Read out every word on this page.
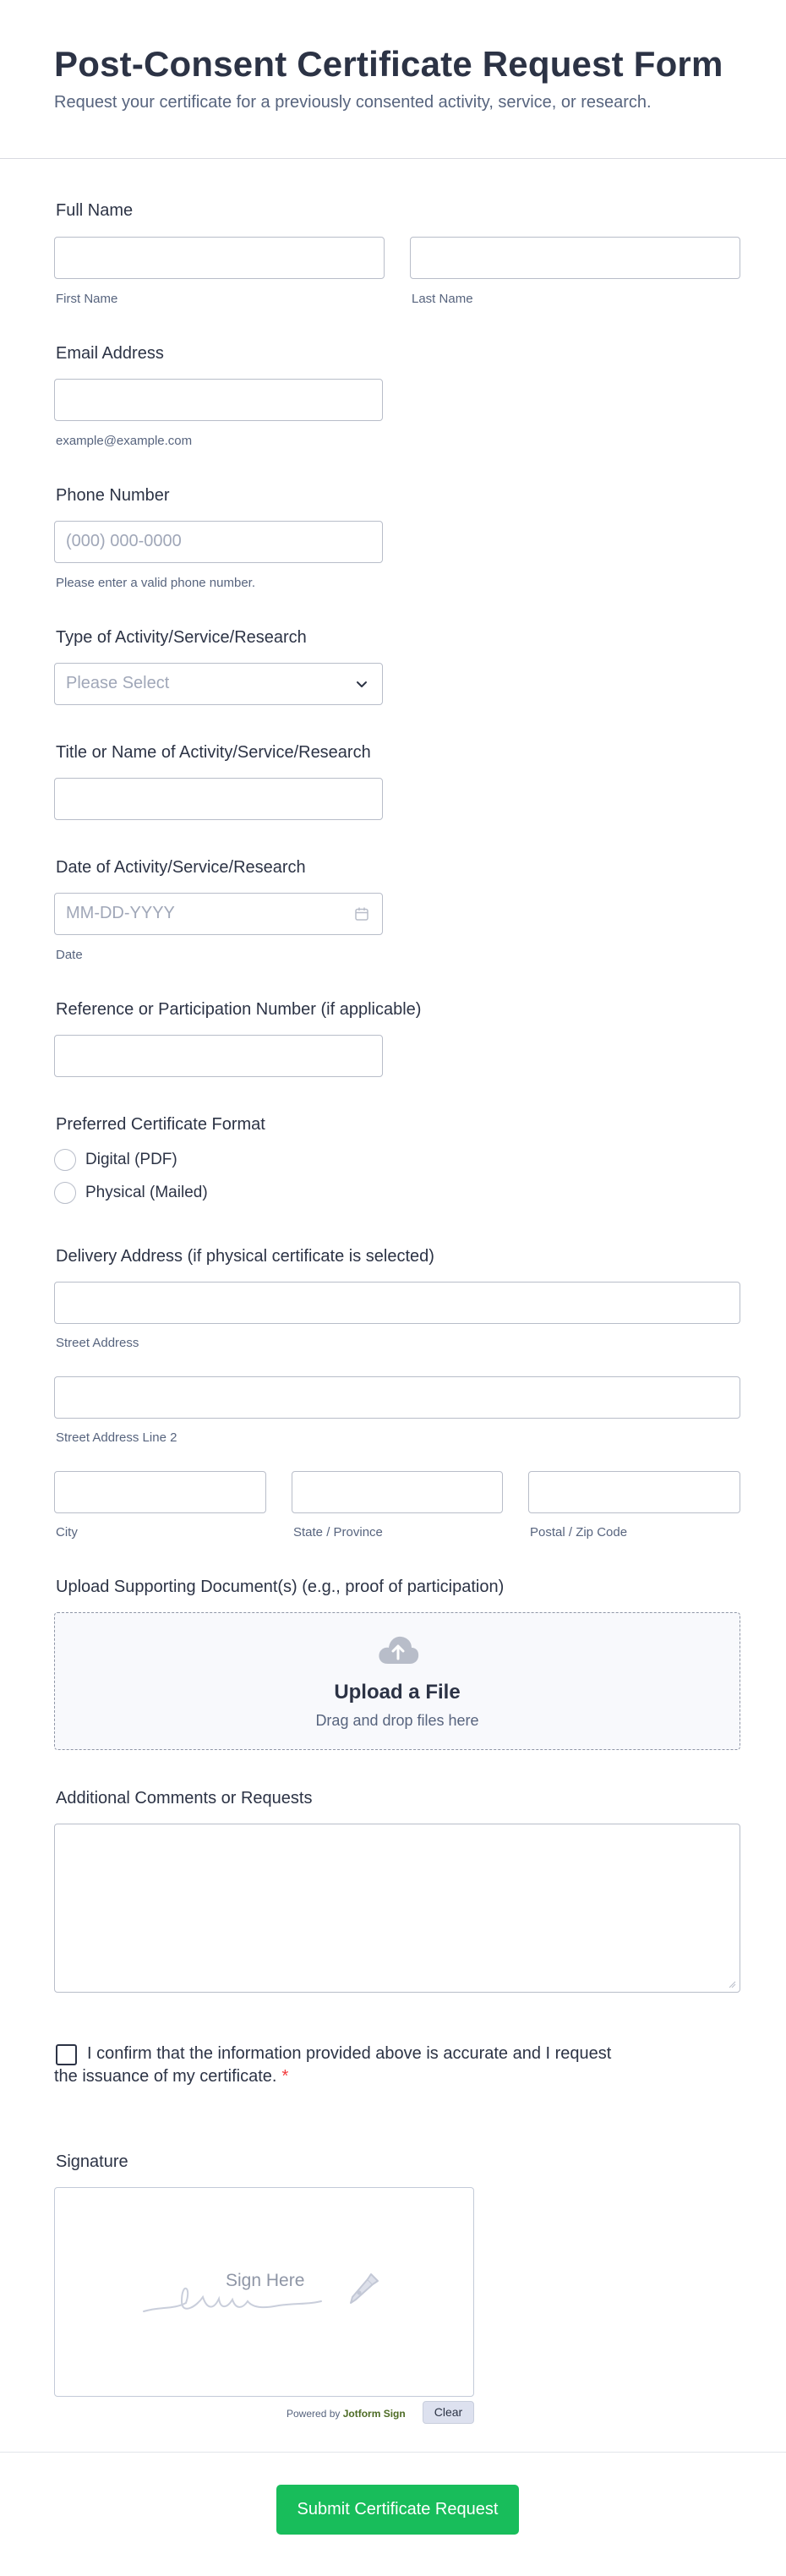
Post-Consent Certificate Request Form
Request your certificate for a previously consented activity, service, or research.
Full Name
First Name	Last Name
Email Address
example@example.com
Phone Number
(000) 000-0000
Please enter a valid phone number.
Type of Activity/Service/Research
Please Select
Title or Name of Activity/Service/Research
Date of Activity/Service/Research
MM-DD-YYYY
Date
Reference or Participation Number (if applicable)
Preferred Certificate Format
Digital (PDF)
Physical (Mailed)
Delivery Address (if physical certificate is selected)
Street Address
Street Address Line 2
City	State / Province	Postal / Zip Code
Upload Supporting Document(s) (e.g., proof of participation)
Upload a File
Drag and drop files here
Additional Comments or Requests
I confirm that the information provided above is accurate and I request
the issuance of my certificate. *
Signature
Sign Here
Powered by Jotform Sign	Clear
Submit Certificate Request
